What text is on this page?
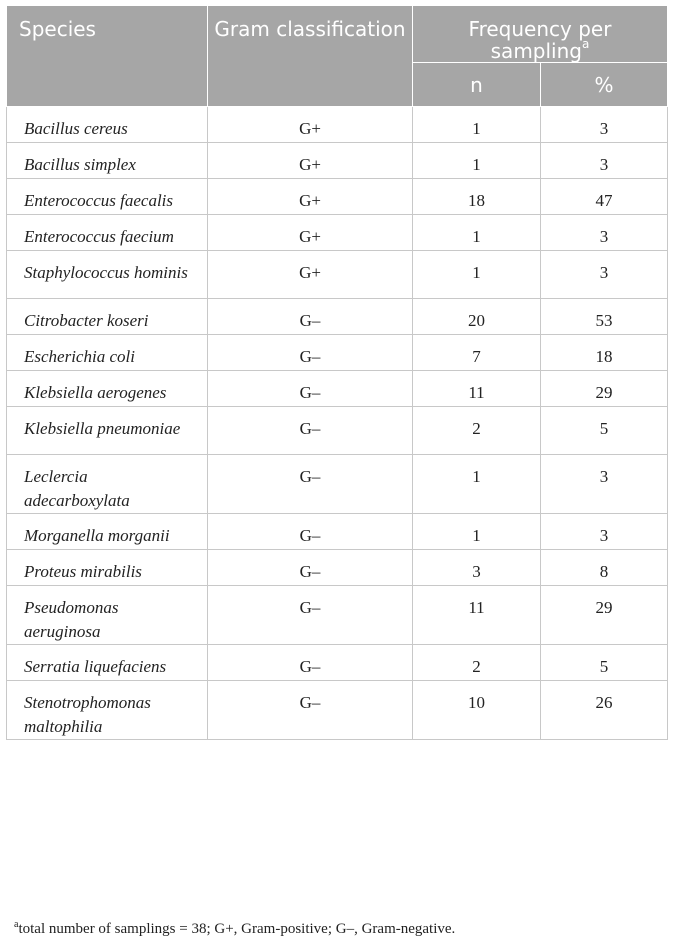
Species	Gram classification	Frequency per sampling$^a$
		n	%
Bacillus cereus	G+	1	3
Bacillus simplex	G+	1	3
Enterococcus faecalis	G+	18	47
Enterococcus faecium	G+	1	3
Staphylococcus hominis	G+	1	3
Citrobacter koseri	G–	20	53
Escherichia coli	G–	7	18
Klebsiella aerogenes	G–	11	29
Klebsiella pneumoniae	G–	2	5
Leclercia adecarboxylata	G–	1	3
Morganella morganii	G–	1	3
Proteus mirabilis	G–	3	8
Pseudomonas aeruginosa	G–	11	29
Serratia liquefaciens	G–	2	5
Stenotrophomonas maltophilia	G–	10	26
$^a$total number of samplings = 38; G+, Gram-positive; G–, Gram-negative.
